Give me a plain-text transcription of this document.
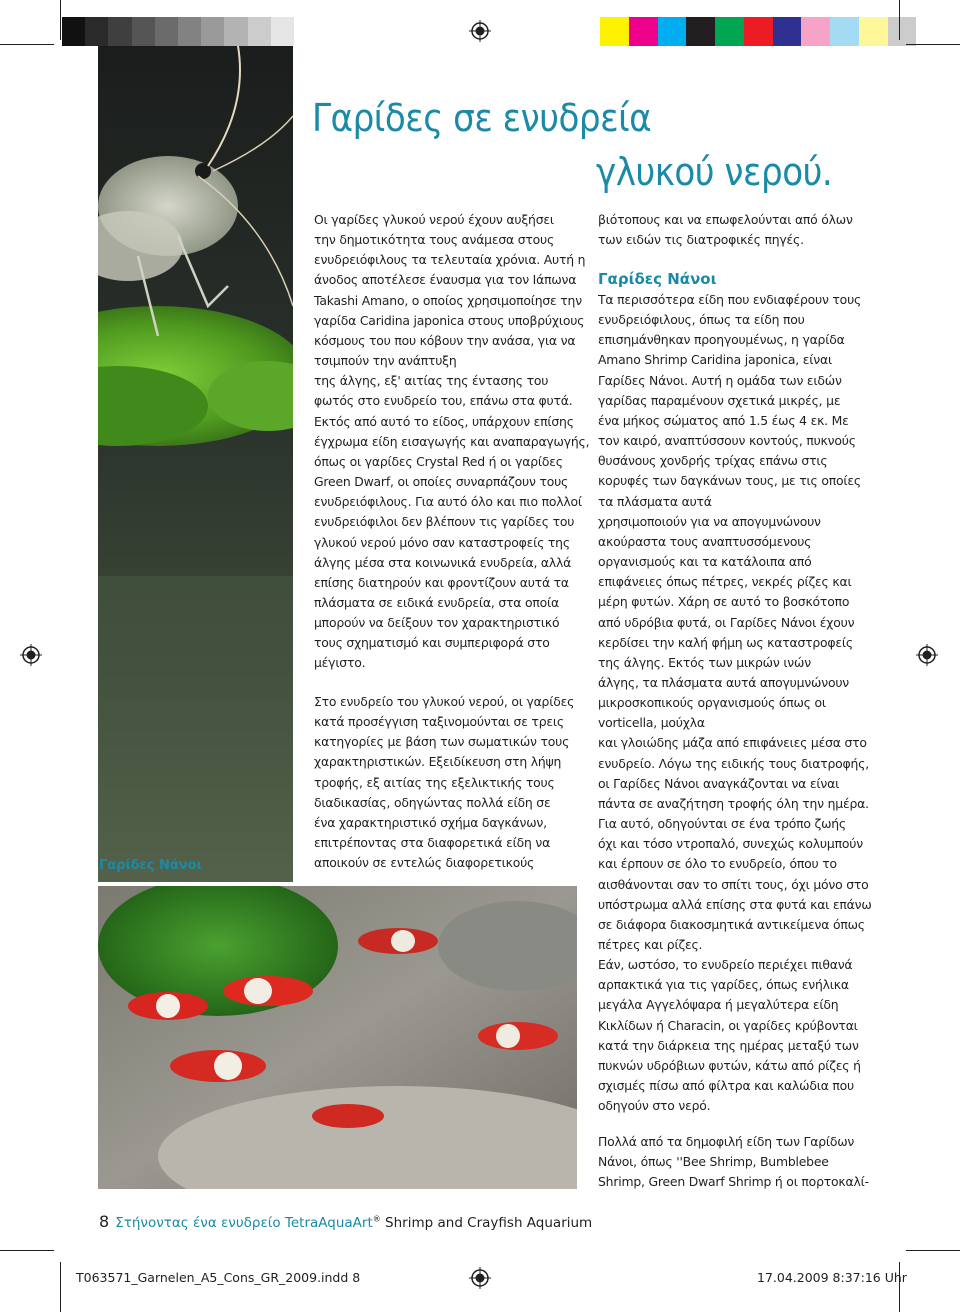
Γαρίδες σε ενυδρεία
γλυκού νερού.
Γαρίδες Νάνοι
Οι γαρίδες γλυκού νερού έχουν αυξήσει
την δημοτικότητα τους ανάμεσα στους
ενυδρειόφιλους τα τελευταία χρόνια. Αυτή η
άνοδος αποτέλεσε έναυσμα για τον Ιάπωνα
Takashi Amano, ο οποίος χρησιμοποίησε την
γαρίδα Caridina japonica στους υποβρύχιους
κόσμους του που κόβουν την ανάσα, για να
τσιμπούν την ανάπτυξη
της άλγης, εξ' αιτίας της έντασης του
φωτός στο ενυδρείο του, επάνω στα φυτά.
Εκτός από αυτό το είδος, υπάρχουν επίσης
έγχρωμα είδη εισαγωγής και αναπαραγωγής,
όπως οι γαρίδες Crystal Red ή οι γαρίδες
Green Dwarf, οι οποίες συναρπάζουν τους
ενυδρειόφιλους. Για αυτό όλο και πιο πολλοί
ενυδρειόφιλοι δεν βλέπουν τις γαρίδες του
γλυκού νερού μόνο σαν καταστροφείς της
άλγης μέσα στα κοινωνικά ενυδρεία, αλλά
επίσης διατηρούν και φροντίζουν αυτά τα
πλάσματα σε ειδικά ενυδρεία, στα οποία
μπορούν να δείξουν τον χαρακτηριστικό
τους σχηματισμό και συμπεριφορά στο
μέγιστο.
Στο ενυδρείο του γλυκού νερού, οι γαρίδες
κατά προσέγγιση ταξινομούνται σε τρεις
κατηγορίες με βάση των σωματικών τους
χαρακτηριστικών. Εξειδίκευση στη λήψη
τροφής, εξ αιτίας της εξελικτικής τους
διαδικασίας, οδηγώντας πολλά είδη σε
ένα χαρακτηριστικό σχήμα δαγκάνων,
επιτρέποντας στα διαφορετικά είδη να
αποικούν σε εντελώς διαφορετικούς
βιότοπους και να επωφελούνται από όλων
των ειδών τις διατροφικές πηγές.
Γαρίδες Νάνοι
Τα περισσότερα είδη που ενδιαφέρουν τους
ενυδρειόφιλους, όπως τα είδη που
επισημάνθηκαν προηγουμένως, η γαρίδα
Amano Shrimp Caridina japonica, είναι
Γαρίδες Νάνοι. Αυτή η ομάδα των ειδών
γαρίδας παραμένουν σχετικά μικρές, με
ένα μήκος σώματος από 1.5 έως 4 εκ. Με
τον καιρό, αναπτύσσουν κοντούς, πυκνούς
θυσάνους χονδρής τρίχας επάνω στις
κορυφές των δαγκάνων τους, με τις οποίες
τα πλάσματα αυτά
χρησιμοποιούν για να απογυμνώνουν
ακούραστα τους αναπτυσσόμενους
οργανισμούς και τα κατάλοιπα από
επιφάνειες όπως πέτρες, νεκρές ρίζες και
μέρη φυτών. Χάρη σε αυτό το βοσκότοπο
από υδρόβια φυτά, οι Γαρίδες Νάνοι έχουν
κερδίσει την καλή φήμη ως καταστροφείς
της άλγης. Εκτός των μικρών ινών
άλγης, τα πλάσματα αυτά απογυμνώνουν
μικροσκοπικούς οργανισμούς όπως οι
vorticella, μούχλα
και γλοιώδης μάζα από επιφάνειες μέσα στο
ενυδρείο. Λόγω της ειδικής τους διατροφής,
οι Γαρίδες Νάνοι αναγκάζονται να είναι
πάντα σε αναζήτηση τροφής όλη την ημέρα.
Για αυτό, οδηγούνται σε ένα τρόπο ζωής
όχι και τόσο ντροπαλό, συνεχώς κολυμπούν
και έρπουν σε όλο το ενυδρείο, όπου το
αισθάνονται σαν το σπίτι τους, όχι μόνο στο
υπόστρωμα αλλά επίσης στα φυτά και επάνω
σε διάφορα διακοσμητικά αντικείμενα όπως
πέτρες και ρίζες.
Εάν, ωστόσο, το ενυδρείο περιέχει πιθανά
αρπακτικά για τις γαρίδες, όπως ενήλικα
μεγάλα Αγγελόψαρα ή μεγαλύτερα είδη
Κικλίδων ή Characin, οι γαρίδες κρύβονται
κατά την διάρκεια της ημέρας μεταξύ των
πυκνών υδρόβιων φυτών, κάτω από ρίζες ή
σχισμές πίσω από φίλτρα και καλώδια που
οδηγούν στο νερό.
Πολλά από τα δημοφιλή είδη των Γαρίδων
Νάνοι, όπως ''Bee Shrimp, Bumblebee
Shrimp, Green Dwarf Shrimp ή οι πορτοκαλί-
8 Στήνοντας ένα ενυδρείο TetraAquaArt® Shrimp and Crayfish Aquarium
T063571_Garnelen_A5_Cons_GR_2009.indd 8	17.04.2009 8:37:16 Uhr
